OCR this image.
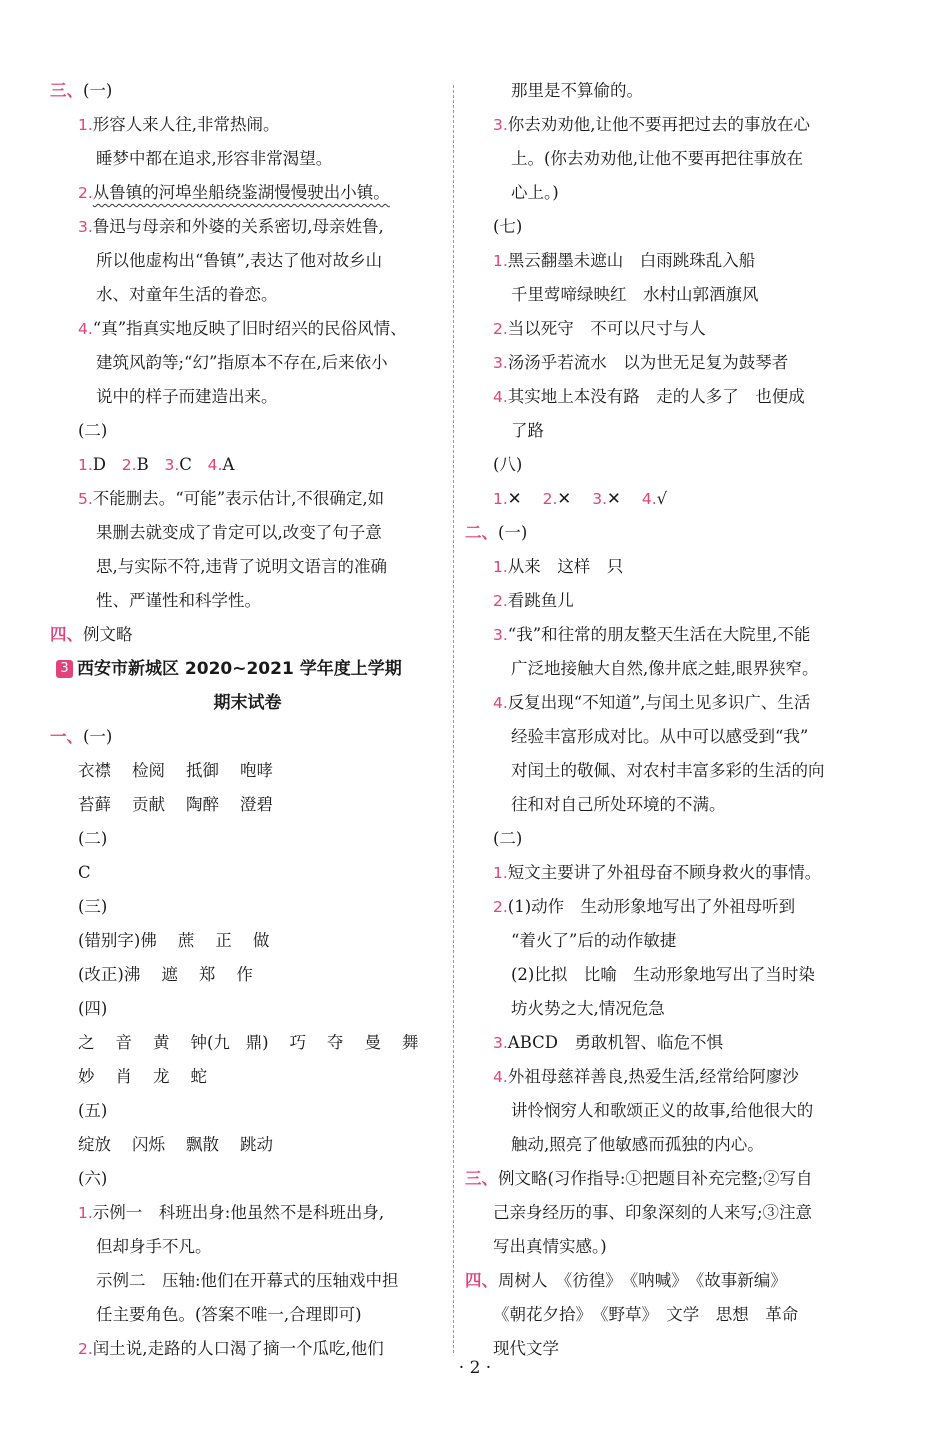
三、(一)
1.形容人来人往,非常热闹。
睡梦中都在追求,形容非常渴望。
2.从鲁镇的河埠坐船绕鉴湖慢慢驶出小镇。
3.鲁迅与母亲和外婆的关系密切,母亲姓鲁,
所以他虚构出“鲁镇”,表达了他对故乡山
水、对童年生活的眷恋。
4.“真”指真实地反映了旧时绍兴的民俗风情、
建筑风韵等;“幻”指原本不存在,后来依小
说中的样子而建造出来。
(二)
1.D 2.B 3.C 4.A
5.不能删去。“可能”表示估计,不很确定,如
果删去就变成了肯定可以,改变了句子意
思,与实际不符,违背了说明文语言的准确
性、严谨性和科学性。
四、例文略
3 西安市新城区 2020~2021 学年度上学期
期末试卷
一、(一)
衣襟 检阅 抵御 咆哮
苔藓 贡献 陶醉 澄碧
(二)
C
(三)
(错别字)佛 蔗 正 做
(改正)沸 遮 郑 作
(四)
之 音 黄 钟(九 鼎) 巧 夺 曼 舞
妙 肖 龙 蛇
(五)
绽放 闪烁 飘散 跳动
(六)
1.示例一　科班出身:他虽然不是科班出身,
但却身手不凡。
示例二　压轴:他们在开幕式的压轴戏中担
任主要角色。(答案不唯一,合理即可)
2.闰土说,走路的人口渴了摘一个瓜吃,他们
那里是不算偷的。
3.你去劝劝他,让他不要再把过去的事放在心
上。(你去劝劝他,让他不要再把往事放在
心上。)
(七)
1.黑云翻墨未遮山　白雨跳珠乱入船
千里莺啼绿映红　水村山郭酒旗风
2.当以死守　不可以尺寸与人
3.汤汤乎若流水　以为世无足复为鼓琴者
4.其实地上本没有路　走的人多了　也便成
了路
(八)
1.✕ 2.✕ 3.✕ 4.√
二、(一)
1.从来　这样　只
2.看跳鱼儿
3.“我”和往常的朋友整天生活在大院里,不能
广泛地接触大自然,像井底之蛙,眼界狭窄。
4.反复出现“不知道”,与闰土见多识广、生活
经验丰富形成对比。从中可以感受到“我”
对闰土的敬佩、对农村丰富多彩的生活的向
往和对自己所处环境的不满。
(二)
1.短文主要讲了外祖母奋不顾身救火的事情。
2.(1)动作　生动形象地写出了外祖母听到
“着火了”后的动作敏捷
(2)比拟　比喻　生动形象地写出了当时染
坊火势之大,情况危急
3.ABCD　勇敢机智、临危不惧
4.外祖母慈祥善良,热爱生活,经常给阿廖沙
讲怜悯穷人和歌颂正义的故事,给他很大的
触动,照亮了他敏感而孤独的内心。
三、例文略(习作指导:①把题目补充完整;②写自
己亲身经历的事、印象深刻的人来写;③注意
写出真情实感。)
四、周树人　《彷徨》　《呐喊》　《故事新编》
《朝花夕拾》　《野草》　文学　思想　革命
现代文学
· 2 ·
